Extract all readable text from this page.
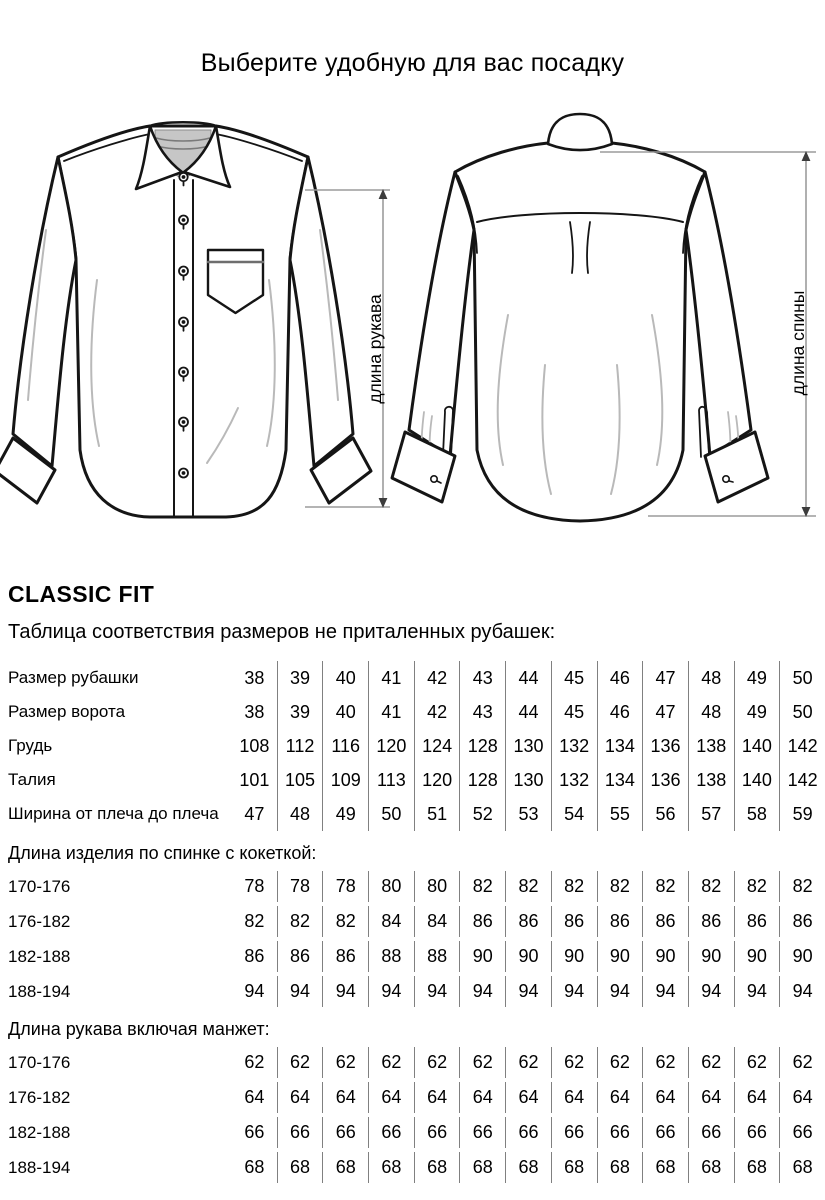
Выберите удобную для вас посадку
длина рукава	длина спины
CLASSIC FIT
Таблица соответствия размеров не приталенных рубашек:
Размер рубашки	38	39	40	41	42	43	44	45	46	47	48	49	50
Размер ворота	38	39	40	41	42	43	44	45	46	47	48	49	50
Грудь	108 112 116 120 124 128 130 132 134 136 138 140 142
Талия	101 105 109 113 120 128 130 132 134 136 138 140 142
Ширина от плеча до плеча	47	48	49	50	51	52	53	54	55	56	57	58	59
Длина изделия по спинке с кокеткой:
170-176	78	78	78	80	80	82	82	82	82	82	82	82	82
176-182	82	82	82	84	84	86	86	86	86	86	86	86	86
182-188	86	86	86	88	88	90	90	90	90	90	90	90	90
188-194	94	94	94	94	94	94	94	94	94	94	94	94	94
Длина рукава включая манжет:
170-176	62	62	62	62	62	62	62	62	62	62	62	62	62
176-182	64	64	64	64	64	64	64	64	64	64	64	64	64
182-188	66	66	66	66	66	66	66	66	66	66	66	66	66
188-194	68	68	68	68	68	68	68	68	68	68	68	68	68
